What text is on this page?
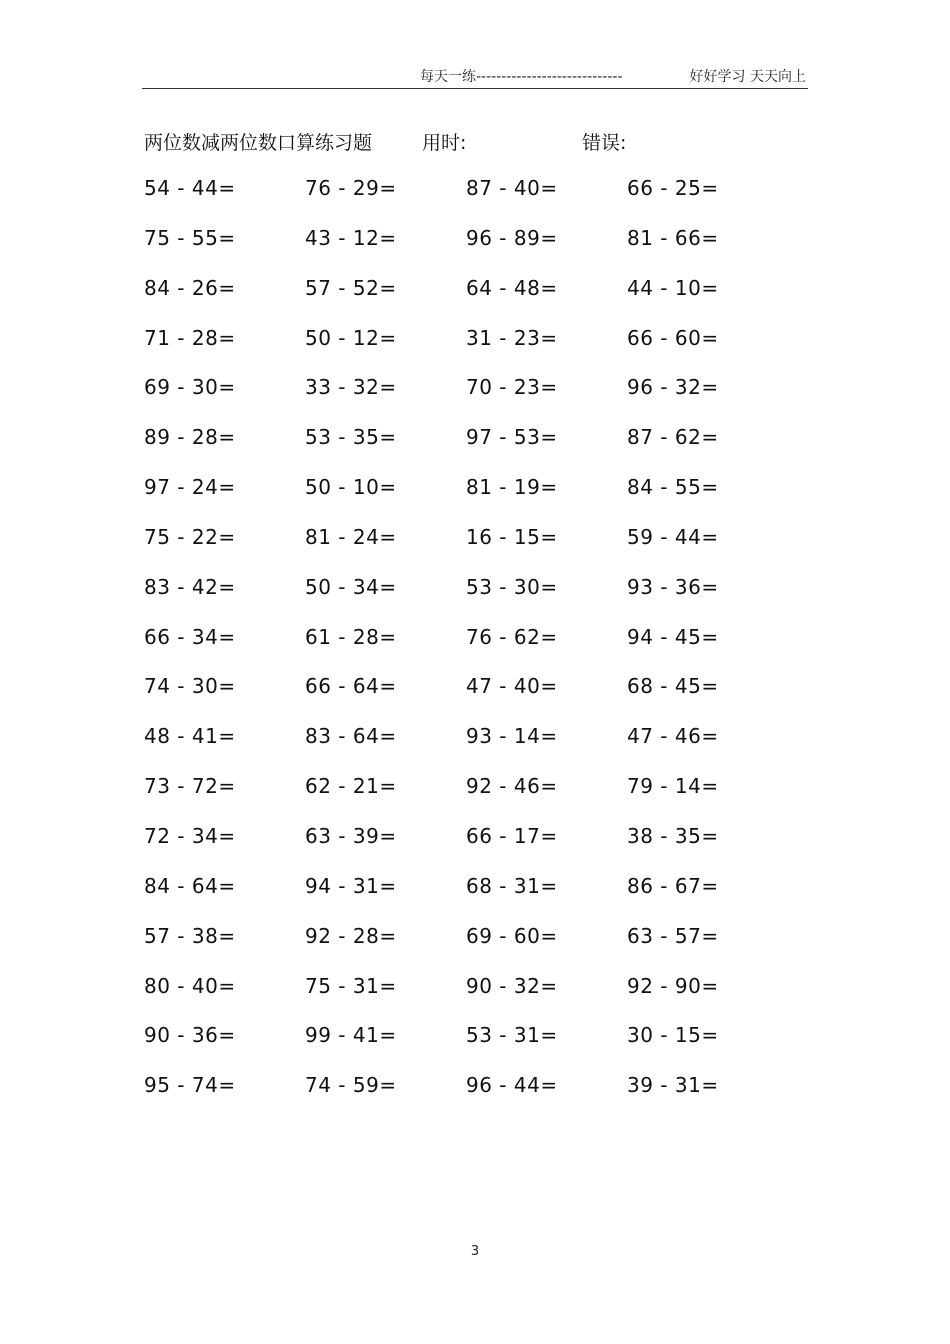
每天一练-----------------------------	好好学习 天天向上
两位数减两位数口算练习题	用时:	错误:
54 - 44=	76 - 29=	87 - 40=	66 - 25=
75 - 55=	43 - 12=	96 - 89=	81 - 66=
84 - 26=	57 - 52=	64 - 48=	44 - 10=
71 - 28=	50 - 12=	31 - 23=	66 - 60=
69 - 30=	33 - 32=	70 - 23=	96 - 32=
89 - 28=	53 - 35=	97 - 53=	87 - 62=
97 - 24=	50 - 10=	81 - 19=	84 - 55=
75 - 22=	81 - 24=	16 - 15=	59 - 44=
83 - 42=	50 - 34=	53 - 30=	93 - 36=
66 - 34=	61 - 28=	76 - 62=	94 - 45=
74 - 30=	66 - 64=	47 - 40=	68 - 45=
48 - 41=	83 - 64=	93 - 14=	47 - 46=
73 - 72=	62 - 21=	92 - 46=	79 - 14=
72 - 34=	63 - 39=	66 - 17=	38 - 35=
84 - 64=	94 - 31=	68 - 31=	86 - 67=
57 - 38=	92 - 28=	69 - 60=	63 - 57=
80 - 40=	75 - 31=	90 - 32=	92 - 90=
90 - 36=	99 - 41=	53 - 31=	30 - 15=
95 - 74=	74 - 59=	96 - 44=	39 - 31=
3
